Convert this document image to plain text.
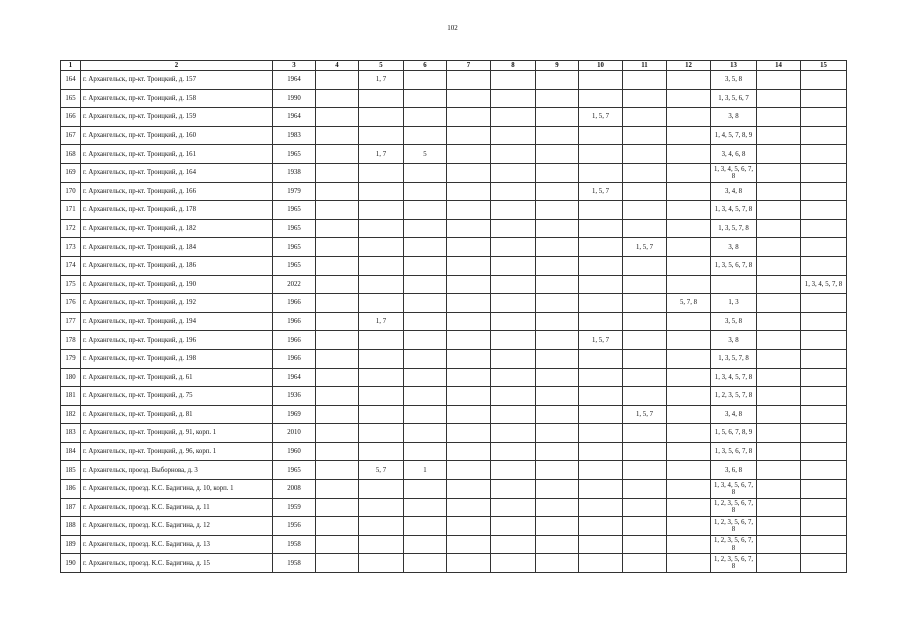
102
1	2	3	4	5	6	7	8	9	10	11	12	13	14	15
164	г. Архангельск, пр-кт. Троицкий, д. 157	1964		1, 7								3, 5, 8		
165	г. Архангельск, пр-кт. Троицкий, д. 158	1990										1, 3, 5, 6, 7		
166	г. Архангельск, пр-кт. Троицкий, д. 159	1964							1, 5, 7			3, 8		
167	г. Архангельск, пр-кт. Троицкий, д. 160	1983										1, 4, 5, 7, 8, 9		
168	г. Архангельск, пр-кт. Троицкий, д. 161	1965		1, 7	5							3, 4, 6, 8		
169	г. Архангельск, пр-кт. Троицкий, д. 164	1938										1, 3, 4, 5, 6, 7, 8		
170	г. Архангельск, пр-кт. Троицкий, д. 166	1979							1, 5, 7			3, 4, 8		
171	г. Архангельск, пр-кт. Троицкий, д. 178	1965										1, 3, 4, 5, 7, 8		
172	г. Архангельск, пр-кт. Троицкий, д. 182	1965										1, 3, 5, 7, 8		
173	г. Архангельск, пр-кт. Троицкий, д. 184	1965								1, 5, 7		3, 8		
174	г. Архангельск, пр-кт. Троицкий, д. 186	1965										1, 3, 5, 6, 7, 8		
175	г. Архангельск, пр-кт. Троицкий, д. 190	2022												1, 3, 4, 5, 7, 8
176	г. Архангельск, пр-кт. Троицкий, д. 192	1966									5, 7, 8	1, 3		
177	г. Архангельск, пр-кт. Троицкий, д. 194	1966		1, 7								3, 5, 8		
178	г. Архангельск, пр-кт. Троицкий, д. 196	1966							1, 5, 7			3, 8		
179	г. Архангельск, пр-кт. Троицкий, д. 198	1966										1, 3, 5, 7, 8		
180	г. Архангельск, пр-кт. Троицкий, д. 61	1964										1, 3, 4, 5, 7, 8		
181	г. Архангельск, пр-кт. Троицкий, д. 75	1936										1, 2, 3, 5, 7, 8		
182	г. Архангельск, пр-кт. Троицкий, д. 81	1969								1, 5, 7		3, 4, 8		
183	г. Архангельск, пр-кт. Троицкий, д. 91, корп. 1	2010										1, 5, 6, 7, 8, 9		
184	г. Архангельск, пр-кт. Троицкий, д. 96, корп. 1	1960										1, 3, 5, 6, 7, 8		
185	г. Архангельск, проезд. Выборнова, д. 3	1965		5, 7	1							3, 6, 8		
186	г. Архангельск, проезд. К.С. Бадигина, д. 10, корп. 1	2008										1, 3, 4, 5, 6, 7, 8		
187	г. Архангельск, проезд. К.С. Бадигина, д. 11	1959										1, 2, 3, 5, 6, 7, 8		
188	г. Архангельск, проезд. К.С. Бадигина, д. 12	1956										1, 2, 3, 5, 6, 7, 8		
189	г. Архангельск, проезд. К.С. Бадигина, д. 13	1958										1, 2, 3, 5, 6, 7, 8		
190	г. Архангельск, проезд. К.С. Бадигина, д. 15	1958										1, 2, 3, 5, 6, 7, 8		
